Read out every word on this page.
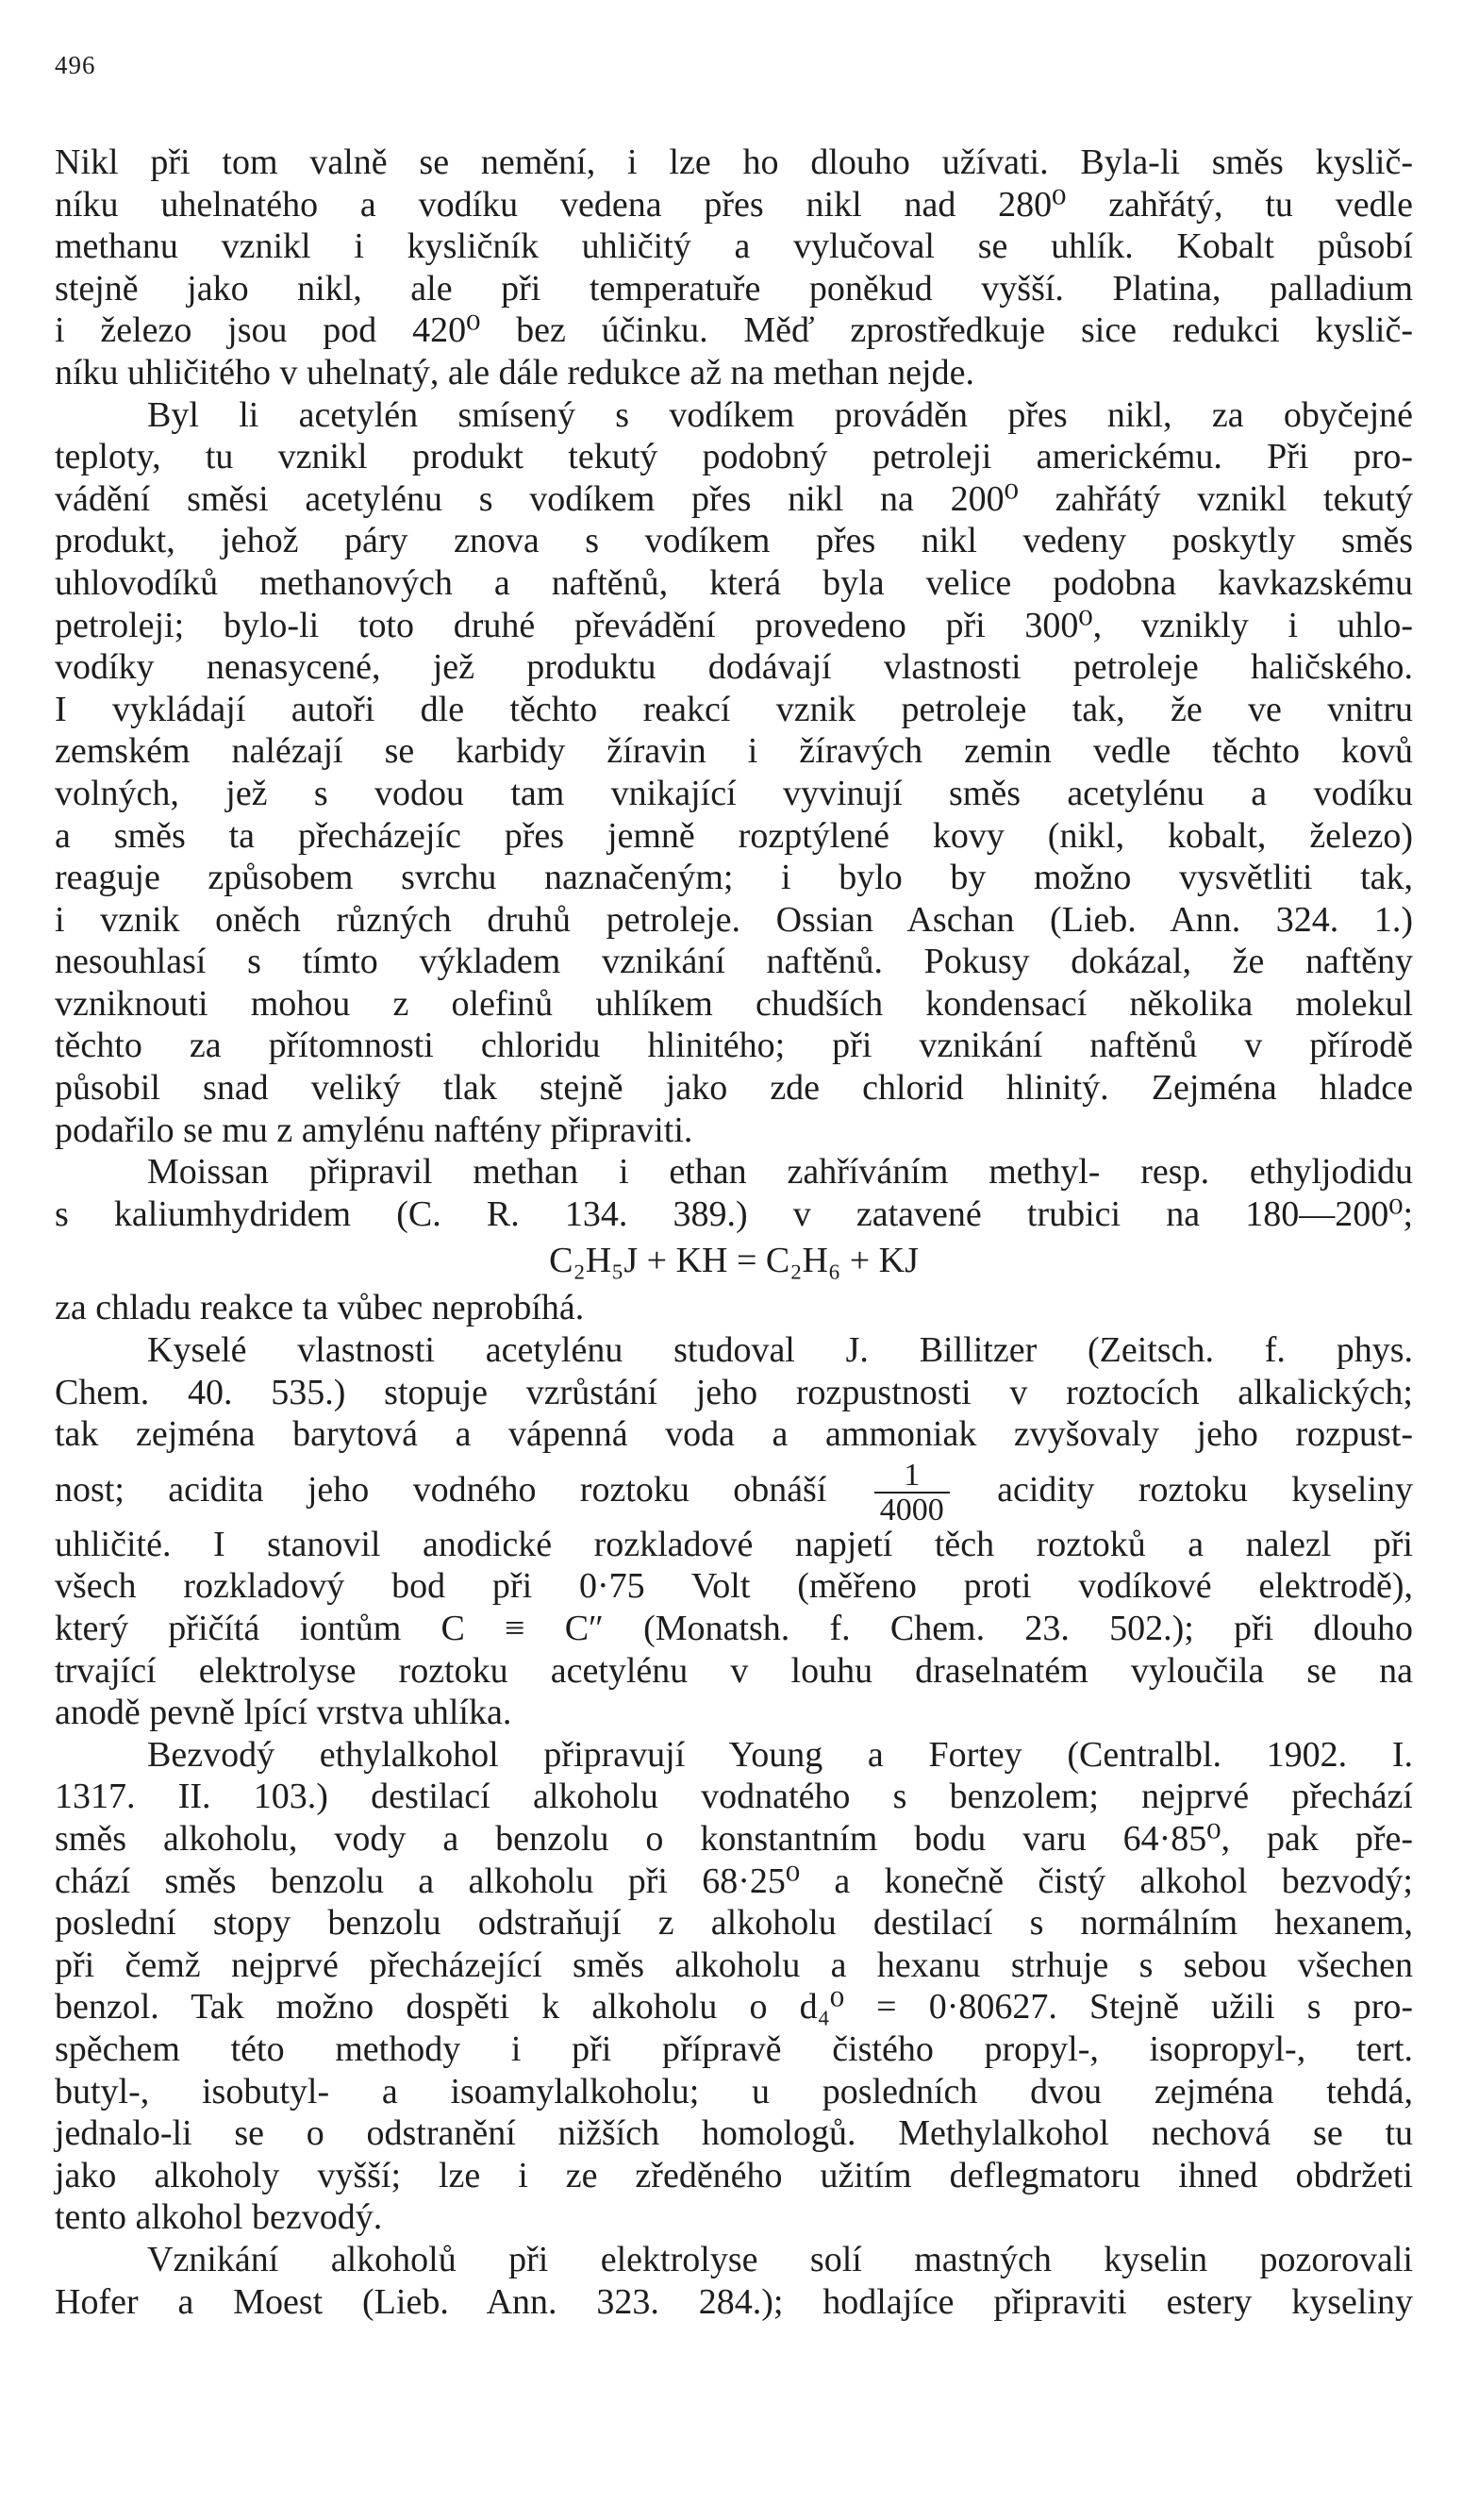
496
Nikl při tom valně se nemění, i lze ho dlouho užívati. Byla-li směs kyslič-
níku uhelnatého a vodíku vedena přes nikl nad 280⁰ zahřátý, tu vedle
methanu vznikl i kysličník uhličitý a vylučoval se uhlík. Kobalt působí
stejně jako nikl, ale při temperatuře poněkud vyšší. Platina, palladium
i železo jsou pod 420⁰ bez účinku. Měď zprostředkuje sice redukci kyslič-
níku uhličitého v uhelnatý, ale dále redukce až na methan nejde.
Byl li acetylén smísený s vodíkem prováděn přes nikl, za obyčejné
teploty, tu vznikl produkt tekutý podobný petroleji americkému. Při pro-
vádění směsi acetylénu s vodíkem přes nikl na 200⁰ zahřátý vznikl tekutý
produkt, jehož páry znova s vodíkem přes nikl vedeny poskytly směs
uhlovodíků methanových a naftěnů, která byla velice podobna kavkazskému
petroleji; bylo-li toto druhé převádění provedeno při 300⁰, vznikly i uhlo-
vodíky nenasycené, jež produktu dodávají vlastnosti petroleje haličského.
I vykládají autoři dle těchto reakcí vznik petroleje tak, že ve vnitru
zemském nalézají se karbidy žíravin i žíravých zemin vedle těchto kovů
volných, jež s vodou tam vnikající vyvinují směs acetylénu a vodíku
a směs ta přecházejíc přes jemně rozptýlené kovy (nikl, kobalt, železo)
reaguje způsobem svrchu naznačeným; i bylo by možno vysvětliti tak,
i vznik oněch různých druhů petroleje. Ossian Aschan (Lieb. Ann. 324. 1.)
nesouhlasí s tímto výkladem vznikání naftěnů. Pokusy dokázal, že naftěny
vzniknouti mohou z olefinů uhlíkem chudších kondensací několika molekul
těchto za přítomnosti chloridu hlinitého; při vznikání naftěnů v přírodě
působil snad veliký tlak stejně jako zde chlorid hlinitý. Zejména hladce
podařilo se mu z amylénu naftény připraviti.
Moissan připravil methan i ethan zahříváním methyl- resp. ethyljodidu
s kaliumhydridem (C. R. 134. 389.) v zatavené trubici na 180—200⁰;
C₂H₅J + KH = C₂H₆ + KJ
za chladu reakce ta vůbec neprobíhá.
Kyselé vlastnosti acetylénu studoval J. Billitzer (Zeitsch. f. phys.
Chem. 40. 535.) stopuje vzrůstání jeho rozpustnosti v roztocích alkalických;
tak zejména barytová a vápenná voda a ammoniak zvyšovaly jeho rozpust-
nost; acidita jeho vodného roztoku obnáší $\frac{1}{4000}$ acidity roztoku kyseliny
uhličité. I stanovil anodické rozkladové napjetí těch roztoků a nalezl při
všech rozkladový bod při 0·75 Volt (měřeno proti vodíkové elektrodě),
který přičítá iontům C ≡ C″ (Monatsh. f. Chem. 23. 502.); při dlouho
trvající elektrolyse roztoku acetylénu v louhu draselnatém vyloučila se na
anodě pevně lpící vrstva uhlíka.
Bezvodý ethylalkohol připravují Young a Fortey (Centralbl. 1902. I.
1317. II. 103.) destilací alkoholu vodnatého s benzolem; nejprvé přechází
směs alkoholu, vody a benzolu o konstantním bodu varu 64·85⁰, pak pře-
chází směs benzolu a alkoholu při 68·25⁰ a konečně čistý alkohol bezvodý;
poslední stopy benzolu odstraňují z alkoholu destilací s normálním hexanem,
při čemž nejprvé přecházející směs alkoholu a hexanu strhuje s sebou všechen
benzol. Tak možno dospěti k alkoholu o d₄⁰ = 0·80627. Stejně užili s pro-
spěchem této methody i při přípravě čistého propyl-, isopropyl-, tert.
butyl-, isobutyl- a isoamylalkoholu; u posledních dvou zejména tehdá,
jednalo-li se o odstranění nižších homologů. Methylalkohol nechová se tu
jako alkoholy vyšší; lze i ze zředěného užitím deflegmatoru ihned obdržeti
tento alkohol bezvodý.
Vznikání alkoholů při elektrolyse solí mastných kyselin pozorovali
Hofer a Moest (Lieb. Ann. 323. 284.); hodlajíce připraviti estery kyseliny
